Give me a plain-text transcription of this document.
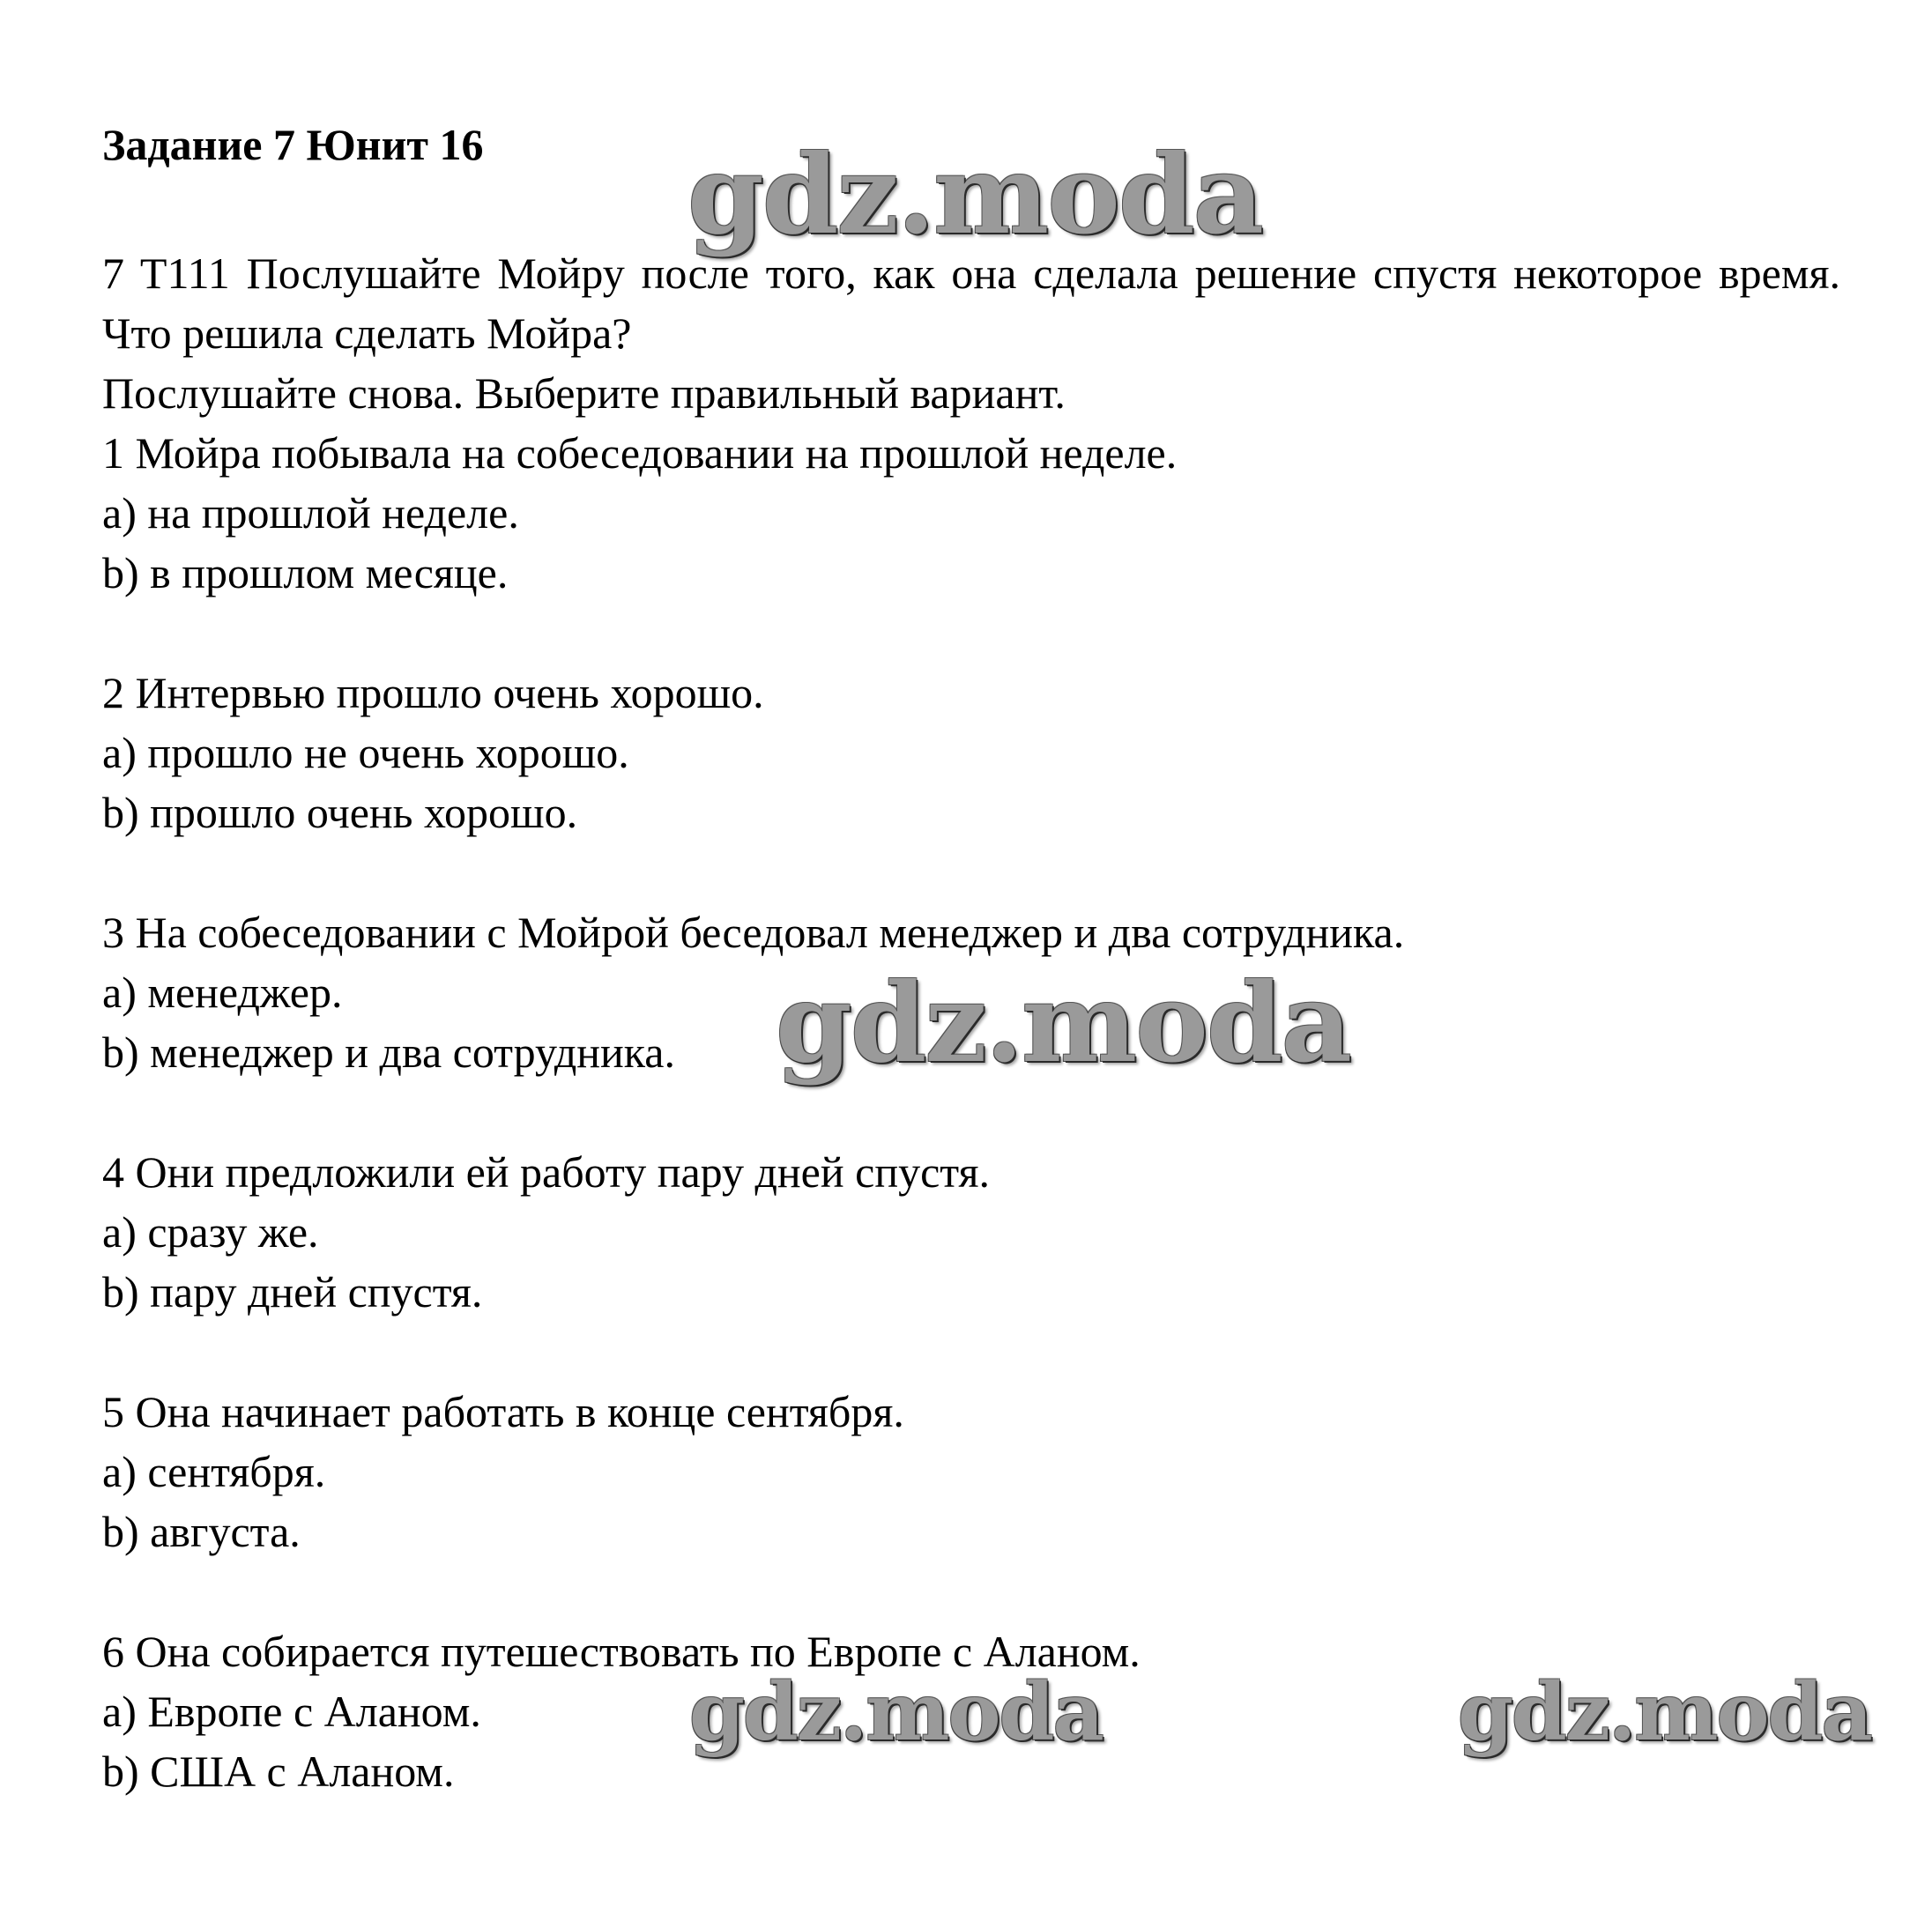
Задание 7 Юнит 16

7 T111 Послушайте Мойру после того, как она сделала решение спустя некоторое время. Что решила сделать Мойра?

Послушайте снова. Выберите правильный вариант.

1 Мойра побывала на собеседовании на прошлой неделе.

a) на прошлой неделе.

b) в прошлом месяце.

2 Интервью прошло очень хорошо.

a) прошло не очень хорошо.

b) прошло очень хорошо.

3 На собеседовании с Мойрой беседовал менеджер и два сотрудника.

a) менеджер.

b) менеджер и два сотрудника.

4 Они предложили ей работу пару дней спустя.

a) сразу же.

b) пару дней спустя.

5 Она начинает работать в конце сентября.

a) сентября.

b) августа.

6 Она собирается путешествовать по Европе с Аланом.

a) Европе с Аланом.

b) США с Аланом.

gdz.moda
gdz.moda
gdz.moda	gdz.moda
